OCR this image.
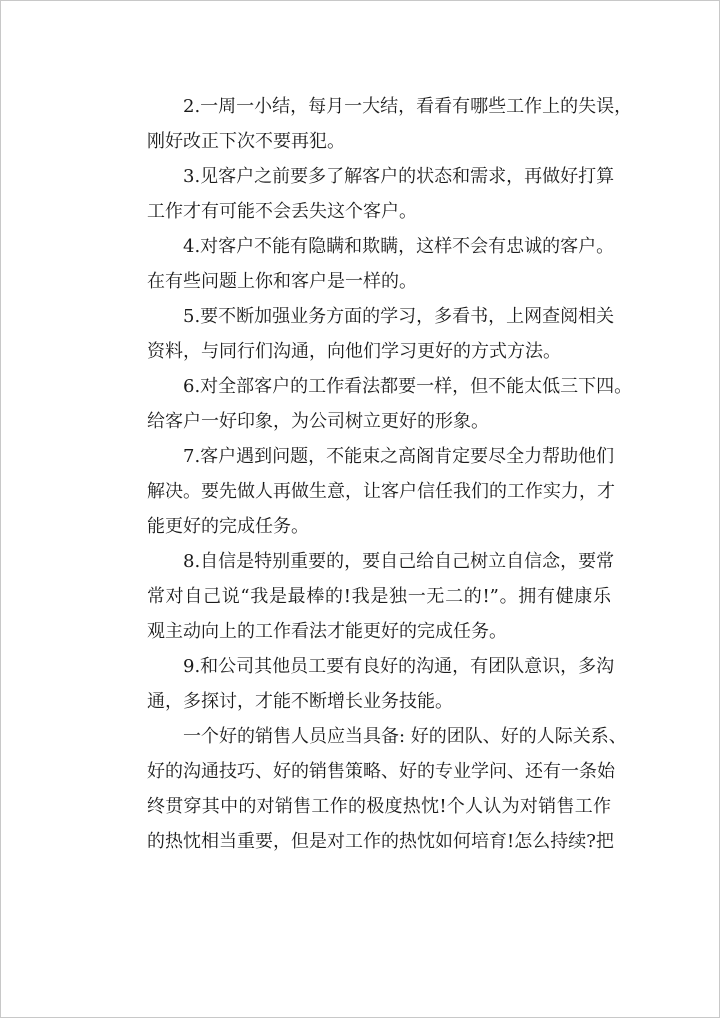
2.一周一小结，每月一大结，看看有哪些工作上的失误，
刚好改正下次不要再犯。
3.见客户之前要多了解客户的状态和需求，再做好打算
工作才有可能不会丢失这个客户。
4.对客户不能有隐瞒和欺瞒，这样不会有忠诚的客户。
在有些问题上你和客户是一样的。
5.要不断加强业务方面的学习，多看书，上网查阅相关
资料，与同行们沟通，向他们学习更好的方式方法。
6.对全部客户的工作看法都要一样，但不能太低三下四。
给客户一好印象，为公司树立更好的形象。
7.客户遇到问题，不能束之高阁肯定要尽全力帮助他们
解决。要先做人再做生意，让客户信任我们的工作实力，才
能更好的完成任务。
8.自信是特别重要的，要自己给自己树立自信念，要常
常对自己说“我是最棒的!我是独一无二的!”。拥有健康乐
观主动向上的工作看法才能更好的完成任务。
9.和公司其他员工要有良好的沟通，有团队意识，多沟
通，多探讨，才能不断增长业务技能。
一个好的销售人员应当具备: 好的团队、好的人际关系、
好的沟通技巧、好的销售策略、好的专业学问、还有一条始
终贯穿其中的对销售工作的极度热忱!个人认为对销售工作
的热忱相当重要，但是对工作的热忱如何培育!怎么持续?把
